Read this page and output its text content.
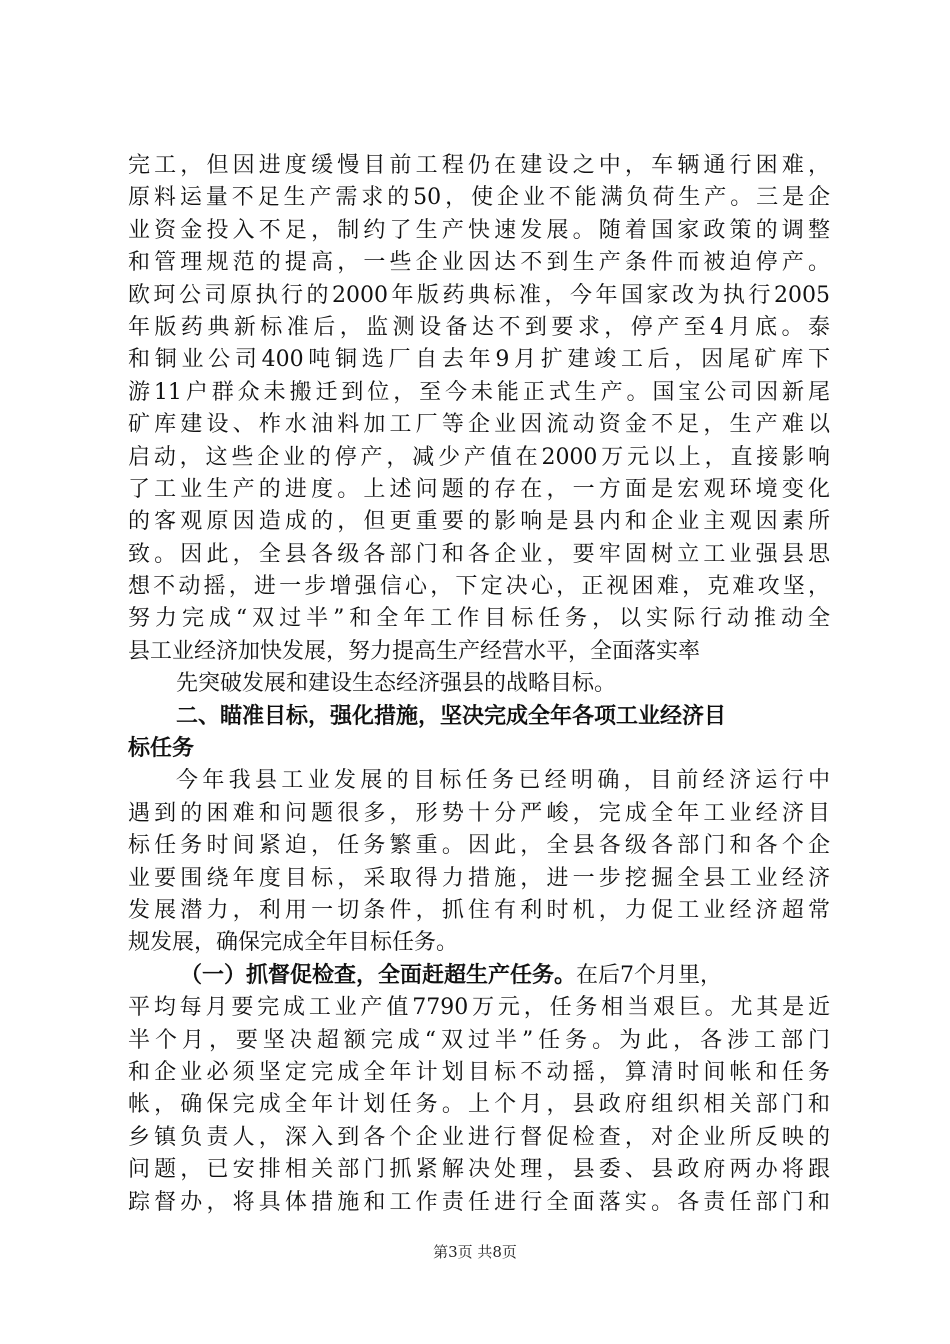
完工，但因进度缓慢目前工程仍在建设之中，车辆通行困难，
原料运量不足生产需求的50，使企业不能满负荷生产。三是企
业资金投入不足，制约了生产快速发展。随着国家政策的调整
和管理规范的提高，一些企业因达不到生产条件而被迫停产。
欧珂公司原执行的2000年版药典标准，今年国家改为执行2005
年版药典新标准后，监测设备达不到要求，停产至4月底。泰
和铜业公司400吨铜选厂自去年9月扩建竣工后，因尾矿库下
游11户群众未搬迁到位，至今未能正式生产。国宝公司因新尾
矿库建设、柞水油料加工厂等企业因流动资金不足，生产难以
启动，这些企业的停产，减少产值在2000万元以上，直接影响
了工业生产的进度。上述问题的存在，一方面是宏观环境变化
的客观原因造成的，但更重要的影响是县内和企业主观因素所
致。因此，全县各级各部门和各企业，要牢固树立工业强县思
想不动摇，进一步增强信心，下定决心，正视困难，克难攻坚，
努力完成“双过半”和全年工作目标任务，以实际行动推动全
县工业经济加快发展，努力提高生产经营水平，全面落实率
先突破发展和建设生态经济强县的战略目标。
二、瞄准目标，强化措施，坚决完成全年各项工业经济目
标任务
今年我县工业发展的目标任务已经明确，目前经济运行中
遇到的困难和问题很多，形势十分严峻，完成全年工业经济目
标任务时间紧迫，任务繁重。因此，全县各级各部门和各个企
业要围绕年度目标，采取得力措施，进一步挖掘全县工业经济
发展潜力，利用一切条件，抓住有利时机，力促工业经济超常
规发展，确保完成全年目标任务。
（一）抓督促检查，全面赶超生产任务。在后7个月里，
平均每月要完成工业产值7790万元，任务相当艰巨。尤其是近
半个月，要坚决超额完成“双过半”任务。为此，各涉工部门
和企业必须坚定完成全年计划目标不动摇，算清时间帐和任务
帐，确保完成全年计划任务。上个月，县政府组织相关部门和
乡镇负责人，深入到各个企业进行督促检查，对企业所反映的
问题，已安排相关部门抓紧解决处理，县委、县政府两办将跟
踪督办，将具体措施和工作责任进行全面落实。各责任部门和
第3页 共8页
